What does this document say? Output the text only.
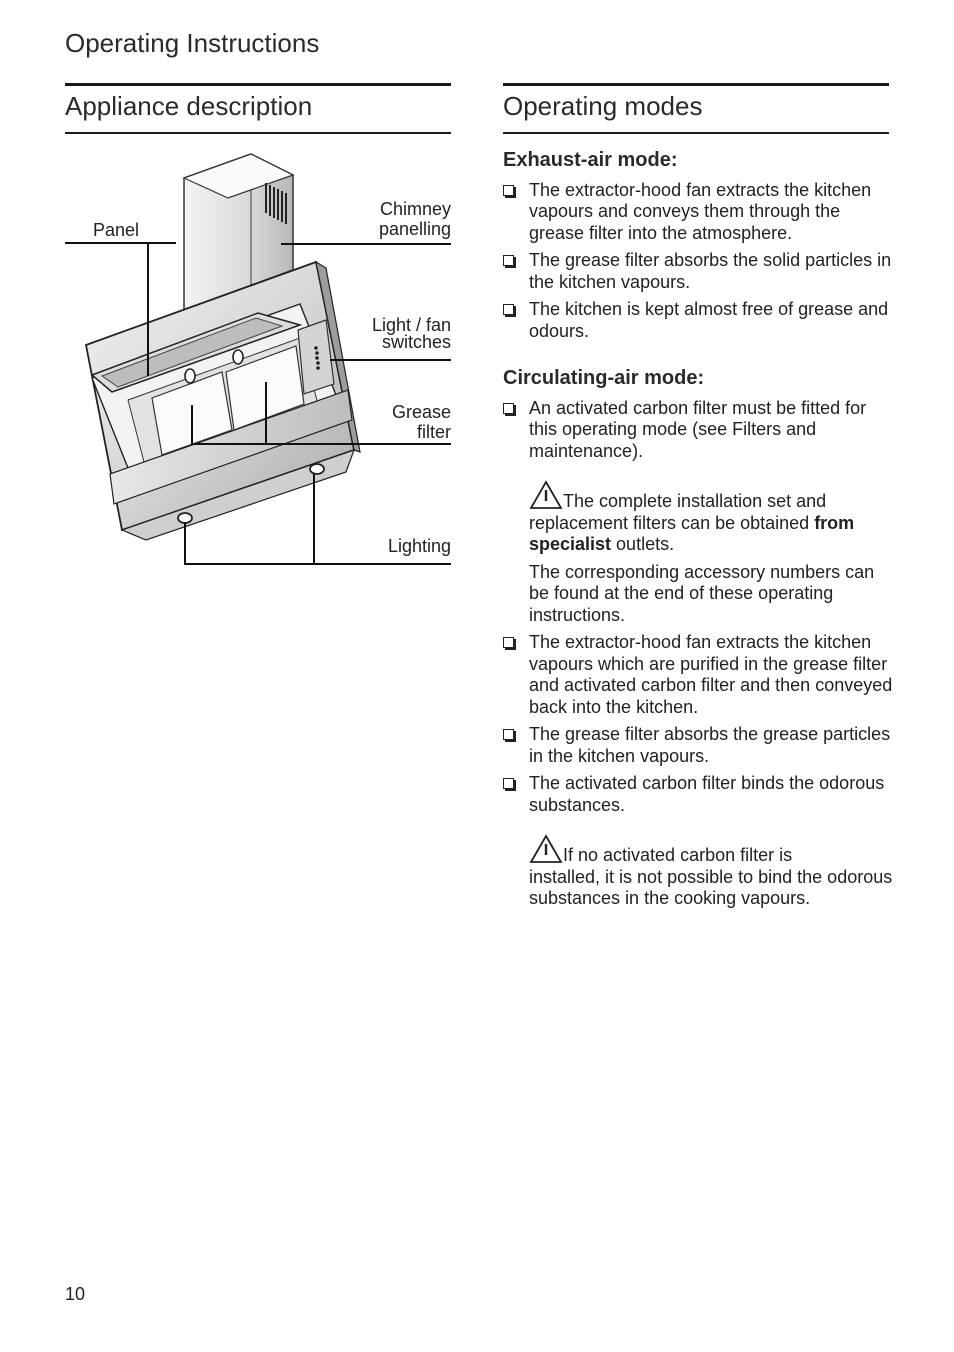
Operating Instructions
Appliance description	Operating modes
Panel
Chimney panelling
Light / fan switches
Grease filter
Lighting
Exhaust-air mode:
The extractor-hood fan extracts the kitchen vapours and conveys them through the grease filter into the atmosphere.
The grease filter absorbs the solid particles in the kitchen vapours.
The kitchen is kept almost free of grease and odours.
Circulating-air mode:
An activated carbon filter must be fitted for this operating mode (see Filters and maintenance).
The complete installation set and
replacement filters can be obtained from specialist outlets.
The corresponding accessory numbers can be found at the end of these operating instructions.
The extractor-hood fan extracts the kitchen vapours which are purified in the grease filter and activated carbon filter and then conveyed back into the kitchen.
The grease filter absorbs the grease particles in the kitchen vapours.
The activated carbon filter binds the odorous substances.
If no activated carbon filter is
installed, it is not possible to bind the odorous substances in the cooking vapours.
10
